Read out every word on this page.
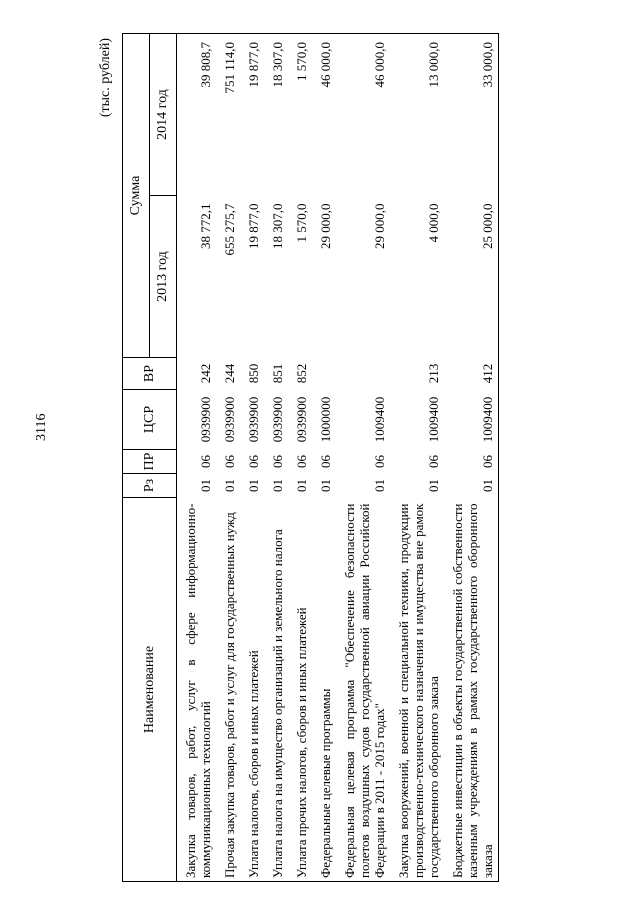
3116
(тыс. рублей)
Наименование	Рз	ПР	ЦСР	ВР	Сумма	
					2013 год	2014 год
Закупка товаров, работ, услуг в сфере информационно-коммуникационных технологий	01	06	0939900	242	38 772,1	39 808,7
Прочая закупка товаров, работ и услуг для государственных нужд	01	06	0939900	244	655 275,7	751 114,0
Уплата налогов, сборов и иных платежей	01	06	0939900	850	19 877,0	19 877,0
Уплата налога на имущество организаций и земельного налога	01	06	0939900	851	18 307,0	18 307,0
Уплата прочих налогов, сборов и иных платежей	01	06	0939900	852	1 570,0	1 570,0
Федеральные целевые программы	01	06	1000000		29 000,0	46 000,0
Федеральная целевая программа "Обеспечение безопасности полетов воздушных судов государственной авиации Российской Федерации в 2011 - 2015 годах"	01	06	1009400		29 000,0	46 000,0
Закупка вооружений, военной и специальной техники, продукции производственно-технического назначения и имущества вне рамок государственного оборонного заказа	01	06	1009400	213	4 000,0	13 000,0
Бюджетные инвестиции в объекты государственной собственности казенным учреждениям в рамках государственного оборонного заказа	01	06	1009400	412	25 000,0	33 000,0
